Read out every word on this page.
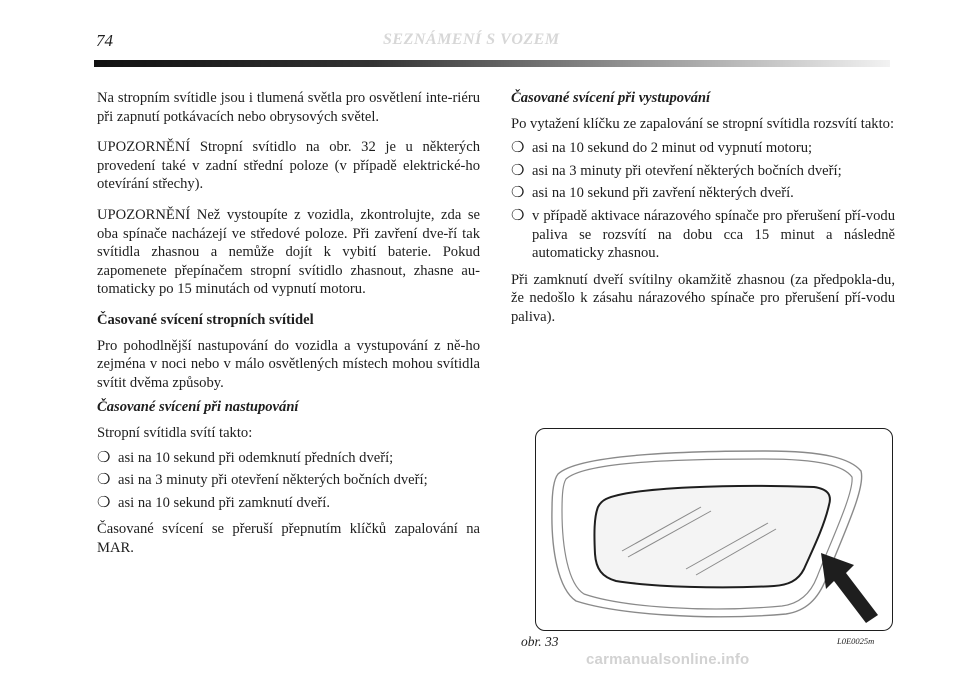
74	SEZNÁMENÍ S VOZEM

Na stropním svítidle jsou i tlumená světla pro osvětlení inte-riéru při zapnutí potkávacích nebo obrysových světel.

UPOZORNĚNÍ Stropní svítidlo na obr. 32 je u některých provedení také v zadní střední poloze (v případě elektrické-ho otevírání střechy).

UPOZORNĚNÍ Než vystoupíte z vozidla, zkontrolujte, zda se oba spínače nacházejí ve středové poloze. Při zavření dve-ří tak svítidla zhasnou a nemůže dojít k vybití baterie. Pokud zapomenete přepínačem stropní svítidlo zhasnout, zhasne au-tomaticky po 15 minutách od vypnutí motoru.

Časované svícení stropních svítidel

Pro pohodlnější nastupování do vozidla a vystupování z ně-ho zejména v noci nebo v málo osvětlených místech mohou svítidla svítit dvěma způsoby.

Časované svícení při nastupování

Stropní svítidla svítí takto:

❍ asi na 10 sekund při odemknutí předních dveří;
❍ asi na 3 minuty při otevření některých bočních dveří;
❍ asi na 10 sekund při zamknutí dveří.

Časované svícení se přeruší přepnutím klíčků zapalování na MAR.

Časované svícení při vystupování

Po vytažení klíčku ze zapalování se stropní svítidla rozsvítí takto:

❍ asi na 10 sekund do 2 minut od vypnutí motoru;
❍ asi na 3 minuty při otevření některých bočních dveří;
❍ asi na 10 sekund při zavření některých dveří.
❍ v případě aktivace nárazového spínače pro přerušení pří-vodu paliva se rozsvítí na dobu cca 15 minut a následně automaticky zhasnou.

Při zamknutí dveří svítilny okamžitě zhasnou (za předpokla-du, že nedošlo k zásahu nárazového spínače pro přerušení pří-vodu paliva).

obr. 33	L0E0025m
carmanualsonline.info
